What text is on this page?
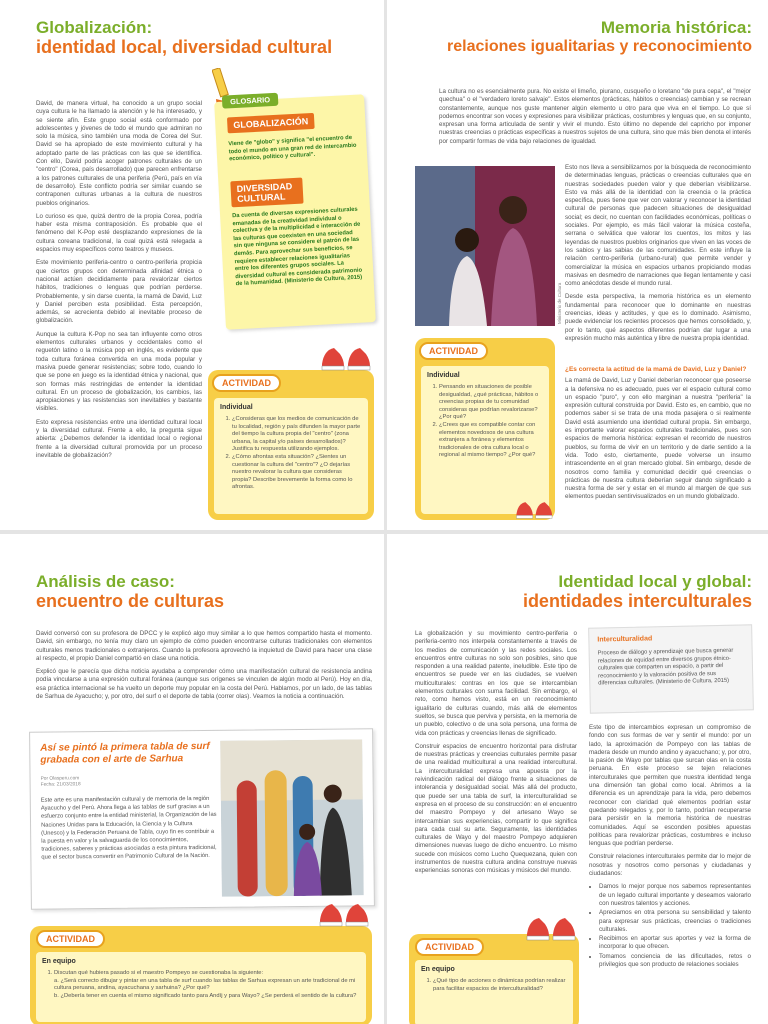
Globalización:
identidad local, diversidad cultural

David, de manera virtual, ha conocido a un grupo social cuya cultura le ha llamado la atención y le ha interesado, y se siente afín. Este grupo social está conformado por adolescentes y jóvenes de todo el mundo que admiran no solo la música, sino también una moda de Corea del Sur. David se ha apropiado de este movimiento cultural y ha adoptado parte de las prácticas con las que se identifica. Con ello, David podría acoger patrones culturales de un "centro" (Corea, país desarrollado) que parecen enfrentarse a los patrones culturales de una periferia (Perú, país en vía de desarrollo). Este conflicto podría ser similar cuando se contraponen culturas urbanas a la cultura de nuestros pueblos originarios.

Lo curioso es que, quizá dentro de la propia Corea, podría haber esta misma contraposición. Es probable que el fenómeno del K-Pop esté desplazando expresiones de la cultura coreana tradicional, la cual quizá está relegada a espacios muy específicos como teatros y museos.

Este movimiento periferia-centro o centro-periferia propicia que ciertos grupos con determinada afinidad étnica o nacional actúen decididamente para revalorizar ciertos hábitos, tradiciones o lenguas que podrían perderse. Probablemente, y sin darse cuenta, la mamá de David, Luz y Daniel perciben esta posibilidad. Esta percepción, además, se acrecienta debido al inevitable proceso de globalización.

Aunque la cultura K-Pop no sea tan influyente como otros elementos culturales urbanos y occidentales como el reguetón latino o la música pop en inglés, es evidente que toda cultura foránea convertida en una moda popular y masiva puede generar resistencias; sobre todo, cuando lo que se pone en juego es la identidad étnica y nacional, que son formas más restringidas de entender la identidad cultural. En un proceso de globalización, los cambios, las apropiaciones y las resistencias son inevitables y bastante visibles.

Esto expresa resistencias entre una identidad cultural local y la diversidad cultural. Frente a ello, la pregunta sigue abierta: ¿Debemos defender la identidad local o regional frente a la diversidad cultural promovida por un proceso inevitable de globalización?

GLOSARIO
GLOBALIZACIÓN
Viene de "globo" y significa "el encuentro de todo el mundo en una gran red de intercambio económico, político y cultural".
DIVERSIDAD CULTURAL
Da cuenta de diversas expresiones culturales emanadas de la creatividad individual o colectiva y de la multiplicidad e interacción de las culturas que coexisten en una sociedad sin que ninguna se considere el patrón de las demás. Para aprovechar sus beneficios, se requiere establecer relaciones igualitarias entre los diferentes grupos sociales. La diversidad cultural es considerada patrimonio de la humanidad. (Ministerio de Cultura, 2015)
ACTIVIDAD
Individual
1. ¿Consideras que los medios de comunicación de tu localidad, región y país difunden la mayor parte del tiempo la cultura propia del "centro" (zona urbana, la capital y/o países desarrollados)? Justifica tu respuesta utilizando ejemplos.
2. ¿Cómo afrontas esta situación? ¿Sientes un cuestionar la cultura del "centro"? ¿O dejarías nuestro revalorar la cultura que consideras propia? Describe brevemente la forma como lo afrontas.
Memoria histórica:
relaciones igualitarias y reconocimiento

La cultura no es esencialmente pura. No existe el limeño, piurano, cusqueño o loretano "de pura cepa", el "mejor quechua" o el "verdadero loreto salvaje". Estos elementos (prácticas, hábitos o creencias) cambian y se recrean constantemente, aunque nos guste mantener algún elemento u otro para que viva en el tiempo. Lo que sí podemos encontrar son voces y expresiones para visibilizar prácticas, costumbres y lenguas que, en su conjunto, expresan una forma articulada de sentir y vivir el mundo. Esto último no depende del capricho por imponer nuestras creencias o prácticas específicas a nuestros sujetos de una cultura, sino que más bien denota el interés por compartir formas de vida bajo relaciones de igualdad.

Ministerio de Cultura

Esto nos lleva a sensibilizarnos por la búsqueda de reconocimiento de determinadas lenguas, prácticas o creencias culturales que en nuestras sociedades pueden valor y que deberían visibilizarse. Esto va más allá de la identidad con la creencia o la práctica específica, pues tiene que ver con valorar y reconocer la identidad cultural de personas que padecen situaciones de desigualdad social; es decir, no cuentan con facilidades económicas, políticas o sociales. Por ejemplo, es más fácil valorar la música costeña, serrana o selvática que valorar los cuentos, los mitos y las leyendas de nuestros pueblos originarios que viven en las voces de los sabios y las sabias de las comunidades. En este influye la relación centro-periferia (urbano-rural) que permite vender y comercializar la música en espacios urbanos propiciando modas masivas en desmedro de narraciones que llegan lentamente y casi como anécdotas desde el mundo rural.

Desde esta perspectiva, la memoria histórica es un elemento fundamental para reconocer que lo dominante en nuestras creencias, ideas y actitudes, y que es lo dominado. Asimismo, puede evidenciar los recientes procesos que hemos consolidado, y, por lo tanto, qué aspectos diferentes podrían dar lugar a una expresión mucho más auténtica y libre de nuestra propia identidad.

¿Es correcta la actitud de la mamá de David, Luz y Daniel?

La mamá de David, Luz y Daniel deberían reconocer que poseerse a la defensiva no es adecuado, pues ver el espacio cultural como un espacio "puro", y con ello marginan a nuestra "periferia" la expresión cultural construida por David. Esto es, en cambio, que no podemos saber si se trata de una moda pasajera o si realmente David está asumiendo una identidad cultural propia. Sin embargo, es importante valorar espacios culturales tradicionales, pues son espacios de memoria histórica: expresan el recorrido de nuestros pueblos, su forma de vivir en un territorio y de darle sentido a la vida. Todo esto, ciertamente, puede volverse un insumo intrascendente en el gran mercado global. Sin embargo, desde de nosotros como familia y comunidad decidir qué creencias o prácticas de nuestra cultura deberían seguir dando significado a nuestra forma de ser y estar en el mundo al margen de que sus elementos puedan sentirvisualizados en un mundo globalizado.

ACTIVIDAD
Individual
1. Pensando en situaciones de posible desigualdad, ¿qué prácticas, hábitos o creencias propias de tu comunidad consideras que podrían revalorizarse? ¿Por qué?
2. ¿Crees que es compatible contar con elementos novedosos de una cultura extranjera a foránea y elementos tradicionales de otra cultura local o regional al mismo tiempo? ¿Por qué?
Análisis de caso:
encuentro de culturas

David conversó con su profesora de DPCC y le explicó algo muy similar a lo que hemos compartido hasta el momento. David, sin embargo, no tenía muy claro un ejemplo de cómo pueden encontrarse culturas tradicionales con elementos culturales menos tradicionales o extranjeros. Cuando la profesora aprovechó la inquietud de David para hacer una clase al respecto, el propio Daniel compartió en clase una noticia.

Explicó que le parecía que dicha noticia ayudaba a comprender cómo una manifestación cultural de resistencia andina podía vincularse a una expresión cultural foránea (aunque sus orígenes se vinculen de algún modo al Perú). Hoy en día, esa práctica internacional se ha vuelto un deporte muy popular en la costa del Perú. Hablamos, por un lado, de las tablas de Sarhua de Ayacucho; y, por otro, del surf o el deporte de tabla (correr olas). Veamos la noticia a continuación.

Así se pintó la primera tabla de surf grabada con el arte de Sarhua
Por Olasperu.com
Fecha: 21/03/2018
Este arte es una manifestación cultural y de memoria de la región Ayacucho y del Perú. Ahora llega a las tablas de surf gracias a un esfuerzo conjunto entre la entidad ministerial, la Organización de las Naciones Unidas para la Educación, la Ciencia y la Cultura (Unesco) y la Federación Peruana de Tabla, cuyo fin es contribuir a la puesta en valor y la salvaguarda de los conocimientos, tradiciones, saberes y prácticas asociadas a esta pintura tradicional, que el sector busca convertir en Patrimonio Cultural de la Nación.
ACTIVIDAD
En equipo
1. Discutan qué hubiera pasado si el maestro Pompeyo se cuestionaba la siguiente:
a. ¿Será correcto dibujar y pintar en una tabla de surf cuando las tablas de Sarhua expresan un arte tradicional de mi cultura peruana, andina, ayacuchana y sarhuina? ¿Por qué?
b. ¿Debería tener en cuenta el mismo significado tanto para Andíj y para Wayo? ¿Se perderá el sentido de la cultura?
Identidad local y global:
identidades interculturales

La globalización y su movimiento centro-periferia o periferia-centro nos interpela constantemente a través de los medios de comunicación y las redes sociales. Los encuentros entre culturas no solo son posibles, sino que responden a una realidad patente, ineludible. Este tipo de encuentros se puede ver en las ciudades, se vuelven multiculturales: contras en los que se intercambian elementos culturales con suma facilidad. Sin embargo, el reto, como hemos visto, está en un reconocimiento igualitario de culturas cuando, más allá de elementos sueltos, se busca que perviva y persista, en la memoria de un pueblo, colectivo o de una sola persona, una forma de vida con prácticas y creencias llenas de significado.

Construir espacios de encuentro horizontal para disfrutar de nuestras prácticas y creencias culturales permite pasar de una realidad multicultural a una realidad intercultural. La interculturalidad expresa una apuesta por la reivindicación radical del diálogo frente a situaciones de intolerancia y desigualdad social. Más allá del producto, que puede ser una tabla de surf, la interculturalidad se expresa en el proceso de su construcción: en el encuentro del maestro Pompeyo y del artesano Wayo se intercambian sus experiencias, compartir lo que significa para cada cual su arte. Seguramente, las identidades culturales de Wayo y del maestro Pompeyo adquieren dimensiones nuevas luego de dicho encuentro. Lo mismo sucede con músicos como Lucho Quequezana, quien con instrumentos de nuestra cultura andina construye nuevas experiencias sonoras con músicas y músicos del mundo.

Interculturalidad
Proceso de diálogo y aprendizaje que busca generar relaciones de equidad entre diversos grupos étnico-culturales que comparten un espacio, a partir del reconocimiento y la valoración positiva de sus diferencias culturales. (Ministerio de Cultura, 2015)

Este tipo de intercambios expresan un compromiso de fondo con sus formas de ver y sentir el mundo: por un lado, la aproximación de Pompeyo con las tablas de madera desde un mundo andino y ayacuchano; y, por otro, la pasión de Wayo por tablas que surcan olas en la costa peruana. En este proceso se tejen relaciones interculturales que permiten que nuestra identidad tenga una dimensión tan global como local. Abrimos a la diferencia es un aprendizaje para la vida, pero debemos reconocer con claridad qué elementos podrían estar quedando relegados y, por lo tanto, podrían recuperarse para persistir en la memoria histórica de nuestras comunidades. Aquí se esconden posibles apuestas políticas para revalorizar prácticas, costumbres e incluso lenguas que podrían perderse.

Construir relaciones interculturales permite dar lo mejor de nosotras y nosotros como personas y ciudadanas y ciudadanos:

• Damos lo mejor porque nos sabemos representantes de un legado cultural importante y deseamos valorarlo con nuestros talentos y acciones.
• Apreciamos en otra persona su sensibilidad y talento para expresar sus prácticas, creencias o tradiciones culturales.
• Recibimos en aportar sus aportes y vez la forma de incorporar lo que ofrecen.
• Tomamos conciencia de las dificultades, retos o privilegios que son producto de relaciones sociales
ACTIVIDAD
En equipo
1. ¿Qué tipo de acciones o dinámicas podrían realizar para facilitar espacios de interculturalidad?
